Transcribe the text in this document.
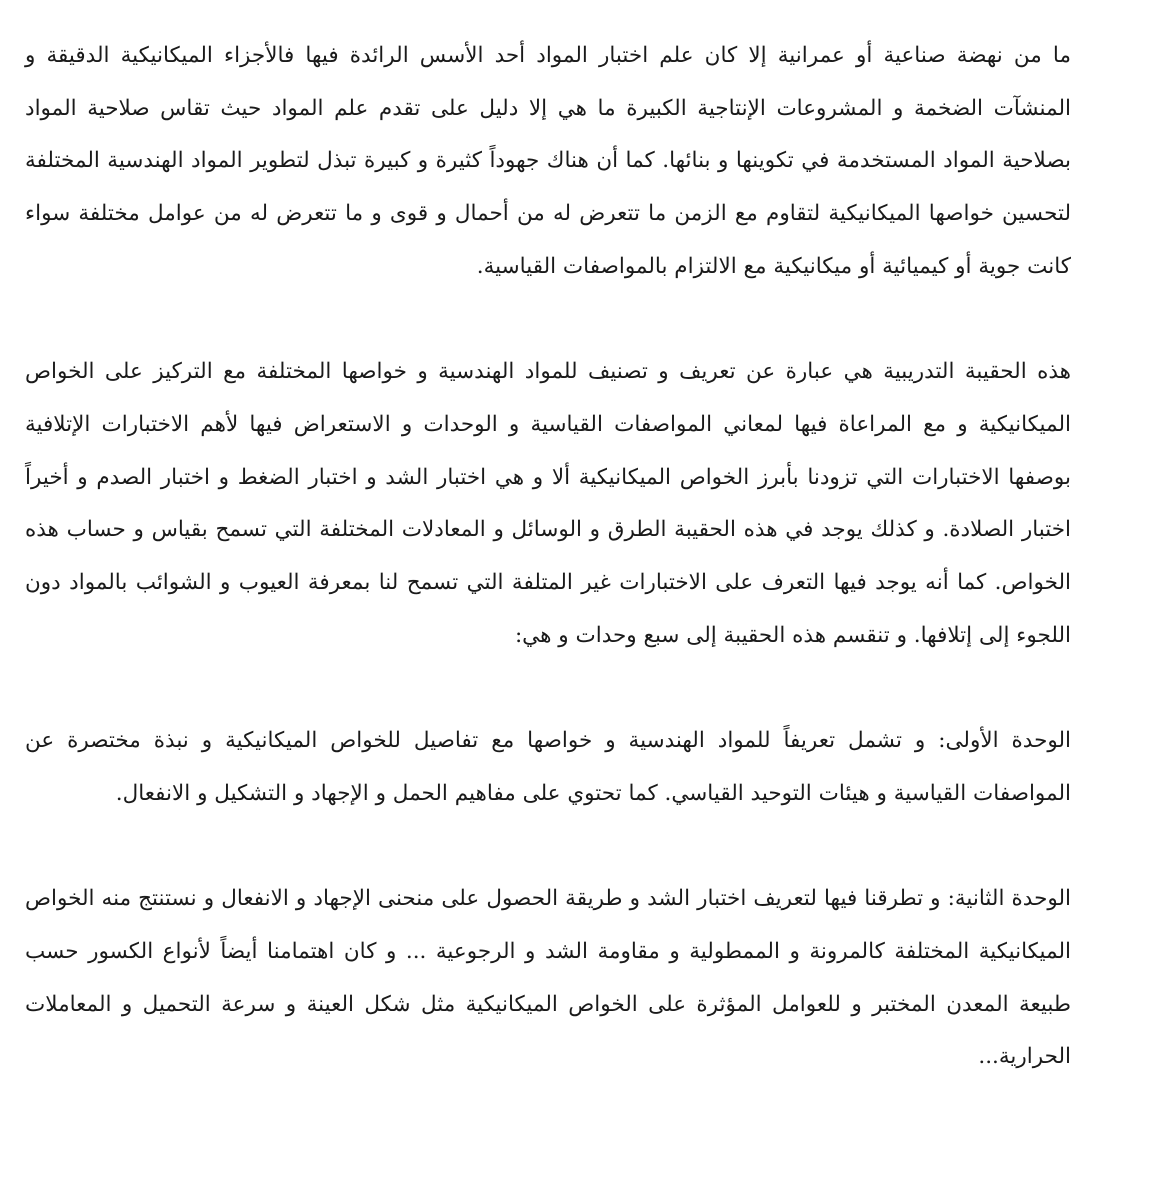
ما من نهضة صناعية أو عمرانية إلا كان علم اختبار المواد أحد الأسس الرائدة فيها فالأجزاء الميكانيكية الدقيقة و المنشآت الضخمة و المشروعات الإنتاجية الكبيرة ما هي إلا دليل على تقدم علم المواد حيث تقاس صلاحية المواد بصلاحية المواد المستخدمة في تكوينها و بنائها. كما أن هناك جهوداً كثيرة و كبيرة تبذل لتطوير المواد الهندسية المختلفة لتحسين خواصها الميكانيكية لتقاوم مع الزمن ما تتعرض له من أحمال و قوى و ما تتعرض له من عوامل مختلفة سواء كانت جوية أو كيميائية أو ميكانيكية مع الالتزام بالمواصفات القياسية.

هذه الحقيبة التدريبية هي عبارة عن تعريف و تصنيف للمواد الهندسية و خواصها المختلفة مع التركيز على الخواص الميكانيكية و مع المراعاة فيها لمعاني المواصفات القياسية و الوحدات و الاستعراض فيها لأهم الاختبارات الإتلافية بوصفها الاختبارات التي تزودنا بأبرز الخواص الميكانيكية ألا و هي اختبار الشد و اختبار الضغط و اختبار الصدم و أخيراً اختبار الصلادة. و كذلك يوجد في هذه الحقيبة الطرق و الوسائل و المعادلات المختلفة التي تسمح بقياس و حساب هذه الخواص. كما أنه يوجد فيها التعرف على الاختبارات غير المتلفة التي تسمح لنا بمعرفة العيوب و الشوائب بالمواد دون اللجوء إلى إتلافها. و تنقسم هذه الحقيبة إلى سبع وحدات و هي:

الوحدة الأولى: و تشمل تعريفاً للمواد الهندسية و خواصها مع تفاصيل للخواص الميكانيكية و نبذة مختصرة عن المواصفات القياسية و هيئات التوحيد القياسي. كما تحتوي على مفاهيم الحمل و الإجهاد و التشكيل و الانفعال.

الوحدة الثانية: و تطرقنا فيها لتعريف اختبار الشد و طريقة الحصول على منحنى الإجهاد و الانفعال و نستنتج منه الخواص الميكانيكية المختلفة كالمرونة و الممطولية و مقاومة الشد و الرجوعية ... و كان اهتمامنا أيضاً لأنواع الكسور حسب طبيعة المعدن المختبر و للعوامل المؤثرة على الخواص الميكانيكية مثل شكل العينة و سرعة التحميل و المعاملات الحرارية...
